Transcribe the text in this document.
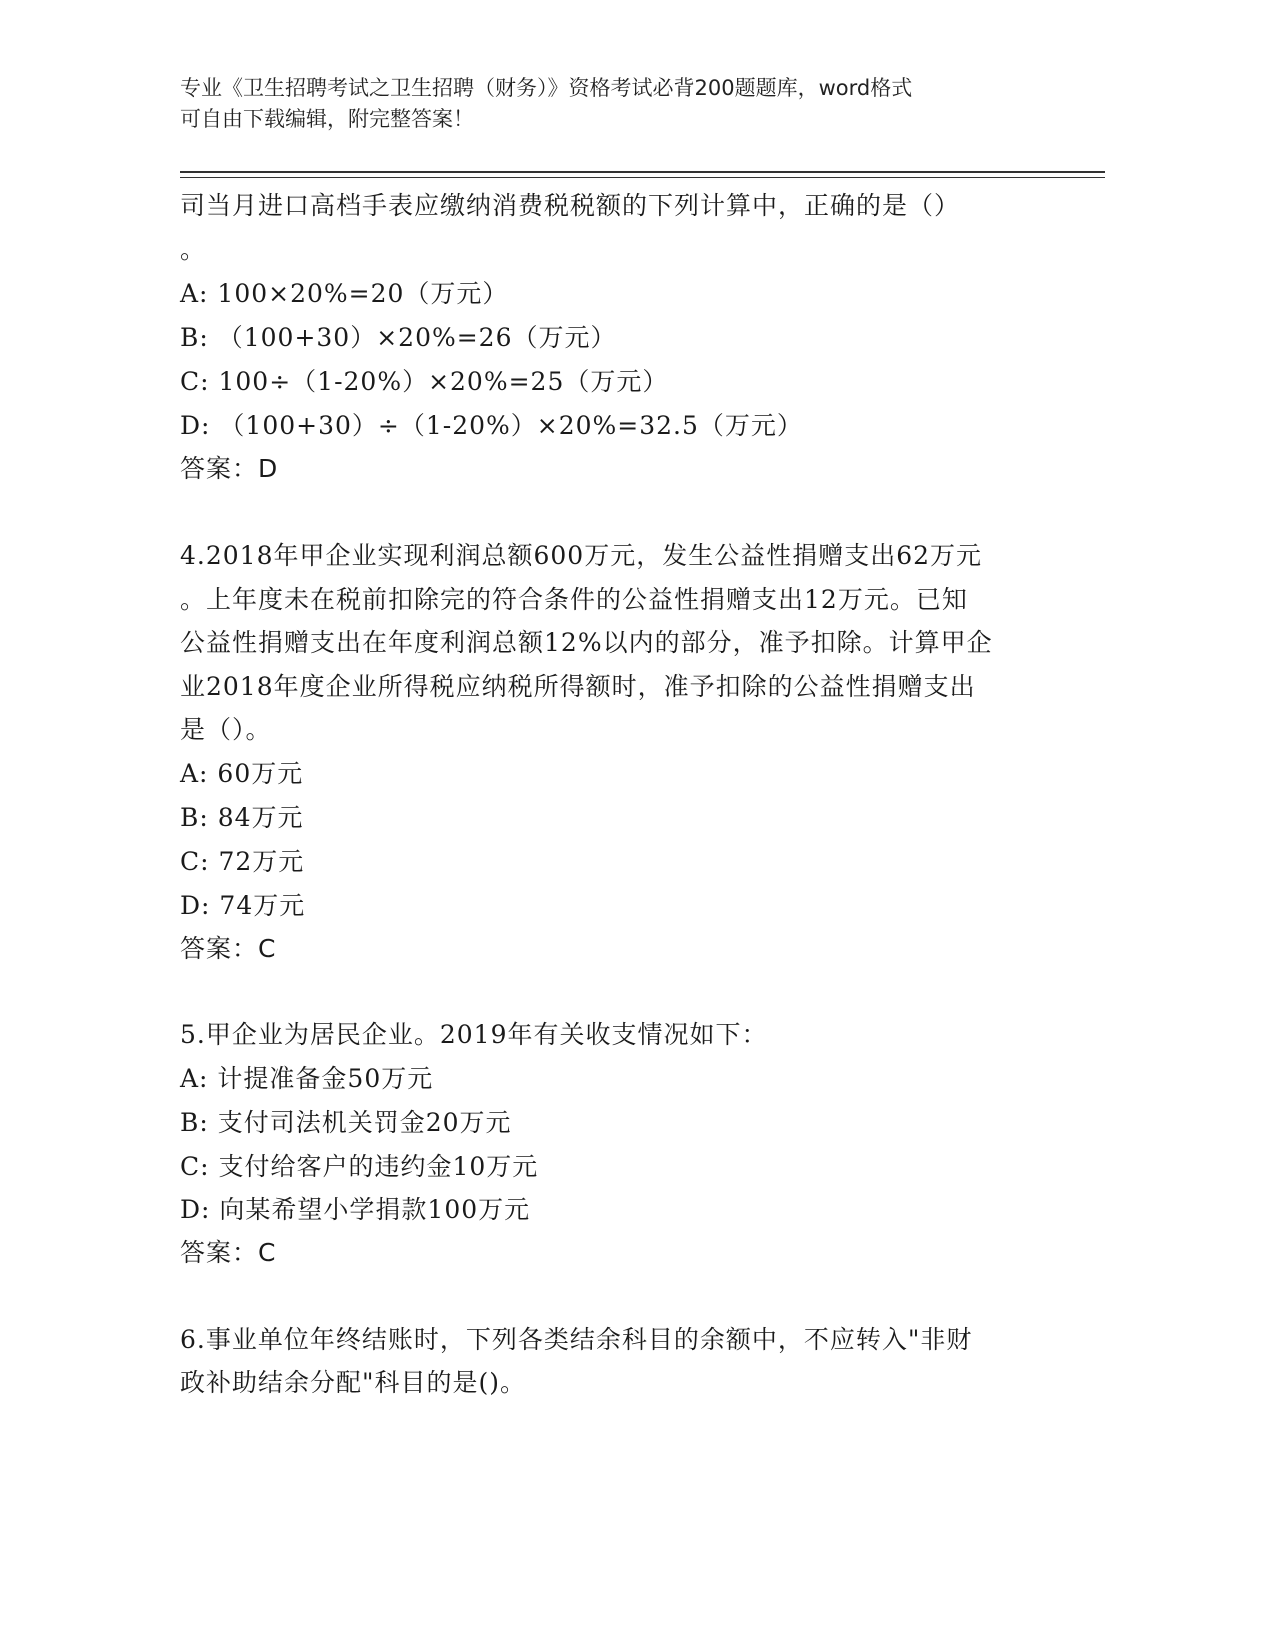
专业《卫生招聘考试之卫生招聘（财务）》资格考试必背200题题库，word格式
可自由下载编辑，附完整答案！
司当月进口高档手表应缴纳消费税税额的下列计算中，正确的是（）
。
A: 100×20%=20（万元）
B: （100+30）×20%=26（万元）
C: 100÷（1-20%）×20%=25（万元）
D: （100+30）÷（1-20%）×20%=32.5（万元）
答案：D
4.2018年甲企业实现利润总额600万元，发生公益性捐赠支出62万元
。上年度未在税前扣除完的符合条件的公益性捐赠支出12万元。已知
公益性捐赠支出在年度利润总额12%以内的部分，准予扣除。计算甲企
业2018年度企业所得税应纳税所得额时，准予扣除的公益性捐赠支出
是（）。
A: 60万元
B: 84万元
C: 72万元
D: 74万元
答案：C
5.甲企业为居民企业。2019年有关收支情况如下：
A: 计提准备金50万元
B: 支付司法机关罚金20万元
C: 支付给客户的违约金10万元
D: 向某希望小学捐款100万元
答案：C
6.事业单位年终结账时，下列各类结余科目的余额中，不应转入"非财
政补助结余分配"科目的是()。
